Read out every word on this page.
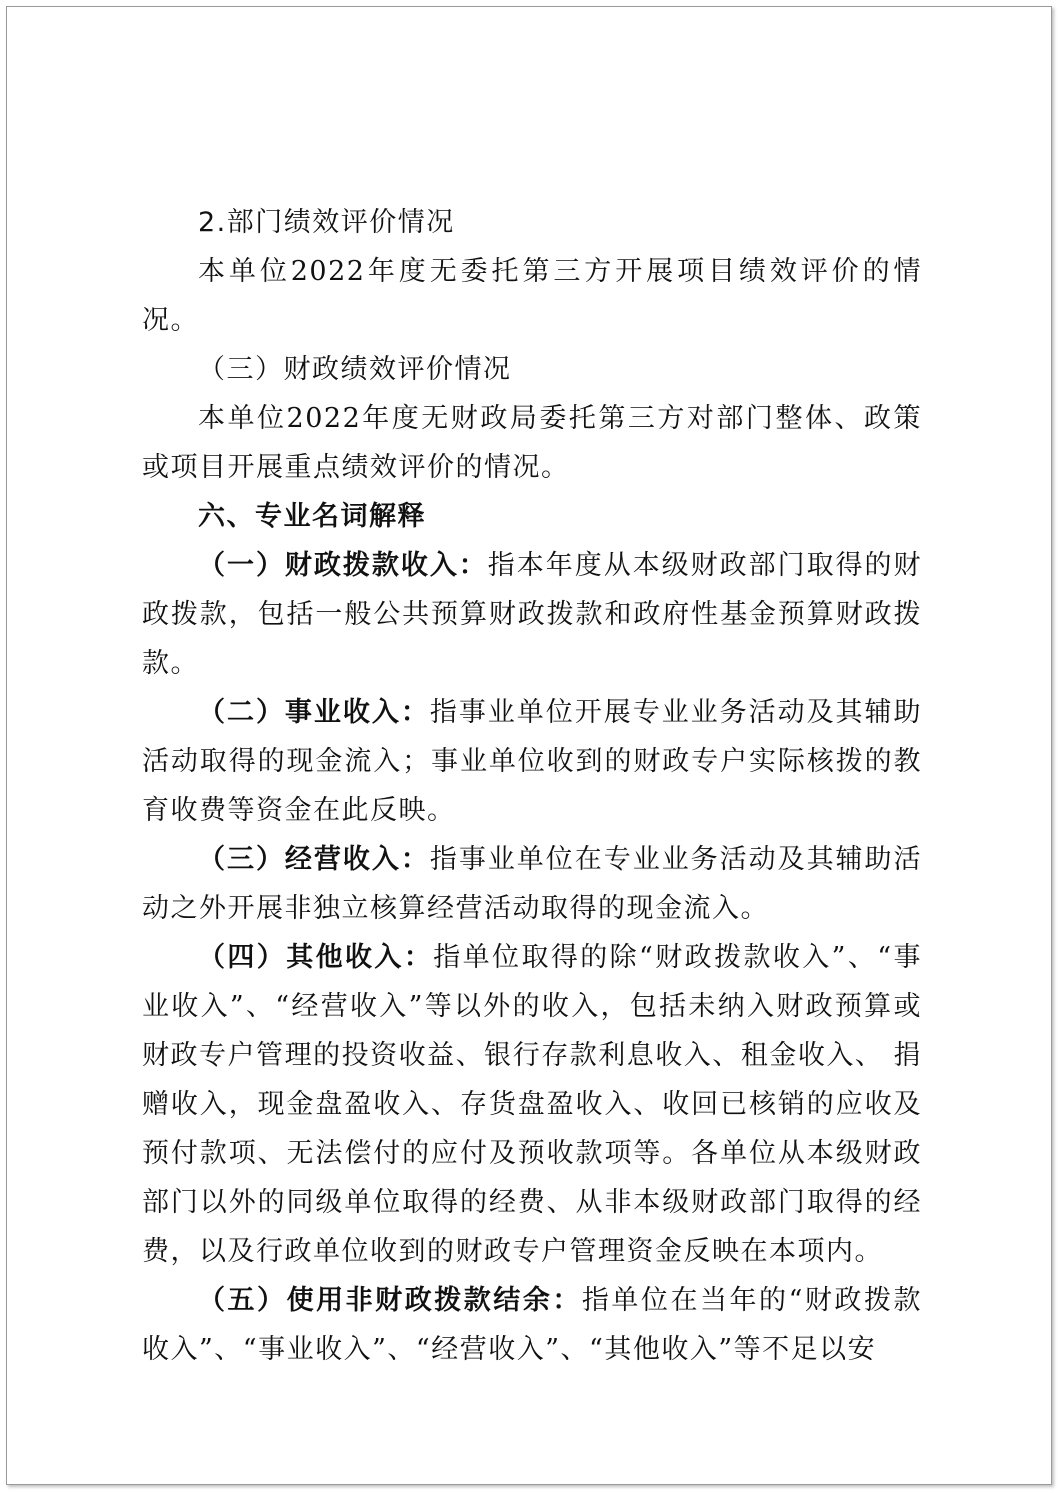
2.部门绩效评价情况

本单位2022年度无委托第三方开展项目绩效评价的情况。

（三）财政绩效评价情况

本单位2022年度无财政局委托第三方对部门整体、政策或项目开展重点绩效评价的情况。

六、专业名词解释

（一）财政拨款收入：指本年度从本级财政部门取得的财政拨款，包括一般公共预算财政拨款和政府性基金预算财政拨款。

（二）事业收入：指事业单位开展专业业务活动及其辅助活动取得的现金流入；事业单位收到的财政专户实际核拨的教育收费等资金在此反映。

（三）经营收入：指事业单位在专业业务活动及其辅助活动之外开展非独立核算经营活动取得的现金流入。

（四）其他收入：指单位取得的除“财政拨款收入”、“事业收入”、“经营收入”等以外的收入，包括未纳入财政预算或财政专户管理的投资收益、银行存款利息收入、租金收入、 捐赠收入，现金盘盈收入、存货盘盈收入、收回已核销的应收及预付款项、无法偿付的应付及预收款项等。各单位从本级财政部门以外的同级单位取得的经费、从非本级财政部门取得的经费，以及行政单位收到的财政专户管理资金反映在本项内。

（五）使用非财政拨款结余：指单位在当年的“财政拨款收入”、“事业收入”、“经营收入”、“其他收入”等不足以安
